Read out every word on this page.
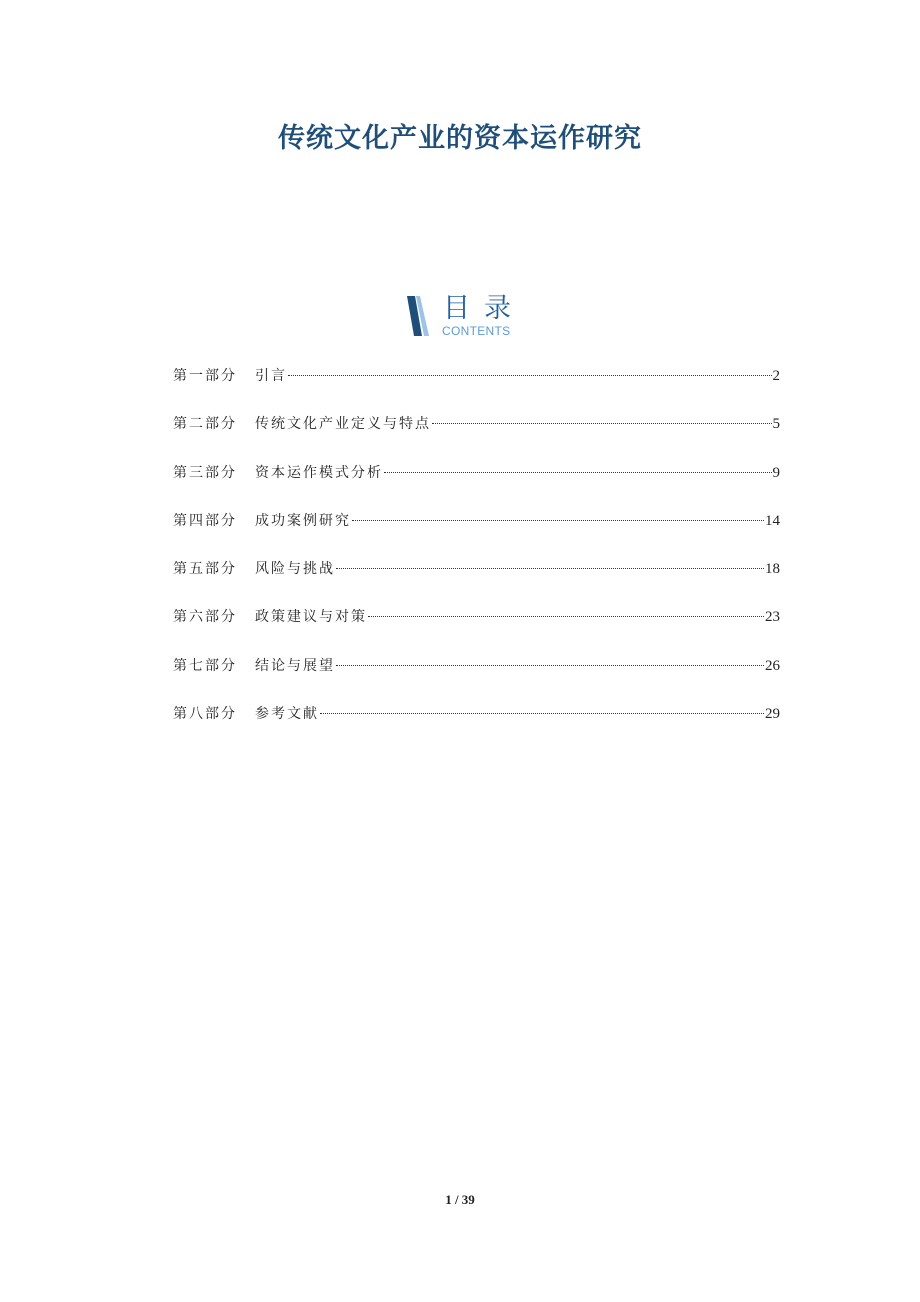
传统文化产业的资本运作研究
目录
CONTENTS
第一部分	引言	2
第二部分	传统文化产业定义与特点	5
第三部分	资本运作模式分析	9
第四部分	成功案例研究	14
第五部分	风险与挑战	18
第六部分	政策建议与对策	23
第七部分	结论与展望	26
第八部分	参考文献	29
1 / 39
